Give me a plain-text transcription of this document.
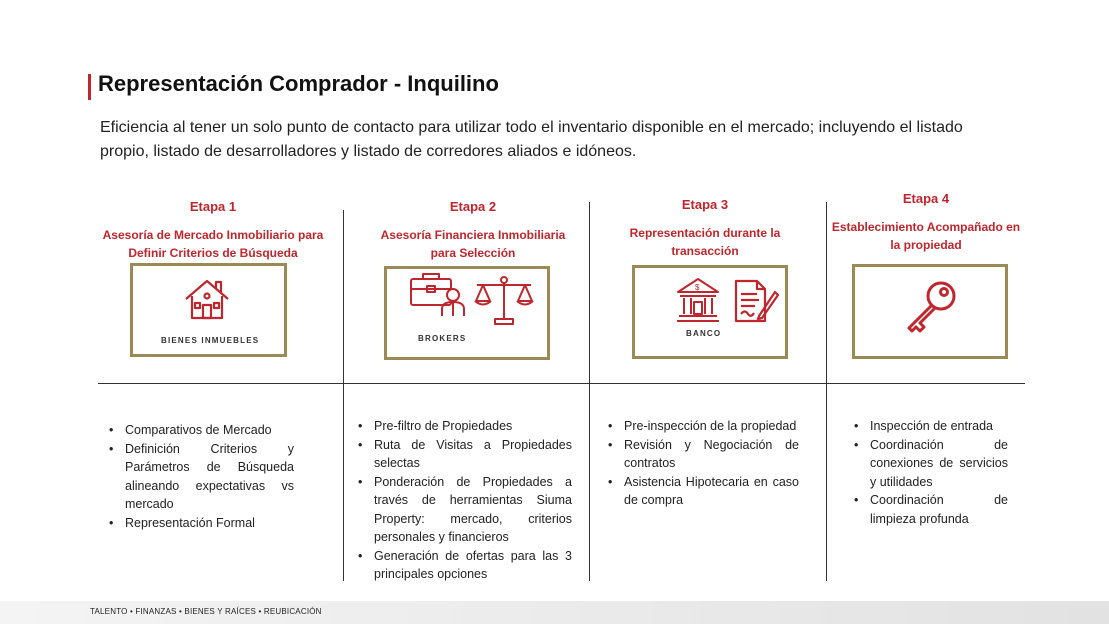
Representación Comprador - Inquilino
Eficiencia al tener un solo punto de contacto para utilizar todo el inventario disponible en el mercado; incluyendo el listado propio, listado de desarrolladores y listado de corredores aliados e idóneos.
Etapa 1
Asesoría de Mercado Inmobiliario para Definir Criterios de Búsqueda
Etapa 2
Asesoría Financiera Inmobiliaria para Selección
Etapa 3
Representación durante la transacción
Etapa 4
Establecimiento Acompañado en la propiedad
BIENES INMUEBLES	BROKERS
$
BANCO
• Comparativos de Mercado
• Definición Criterios y Parámetros de Búsqueda alineando expectativas vs mercado
• Representación Formal
• Pre-filtro de Propiedades
• Ruta de Visitas a Propiedades selectas
• Ponderación de Propiedades a través de herramientas Siuma Property: mercado, criterios personales y financieros
• Generación de ofertas para las 3 principales opciones
• Pre-inspección de la propiedad
• Revisión y Negociación de contratos
• Asistencia Hipotecaria en caso de compra
• Inspección de entrada
• Coordinación de conexiones de servicios y utilidades
• Coordinación de limpieza profunda
TALENTO • FINANZAS • BIENES Y RAÍCES • REUBICACIÓN
